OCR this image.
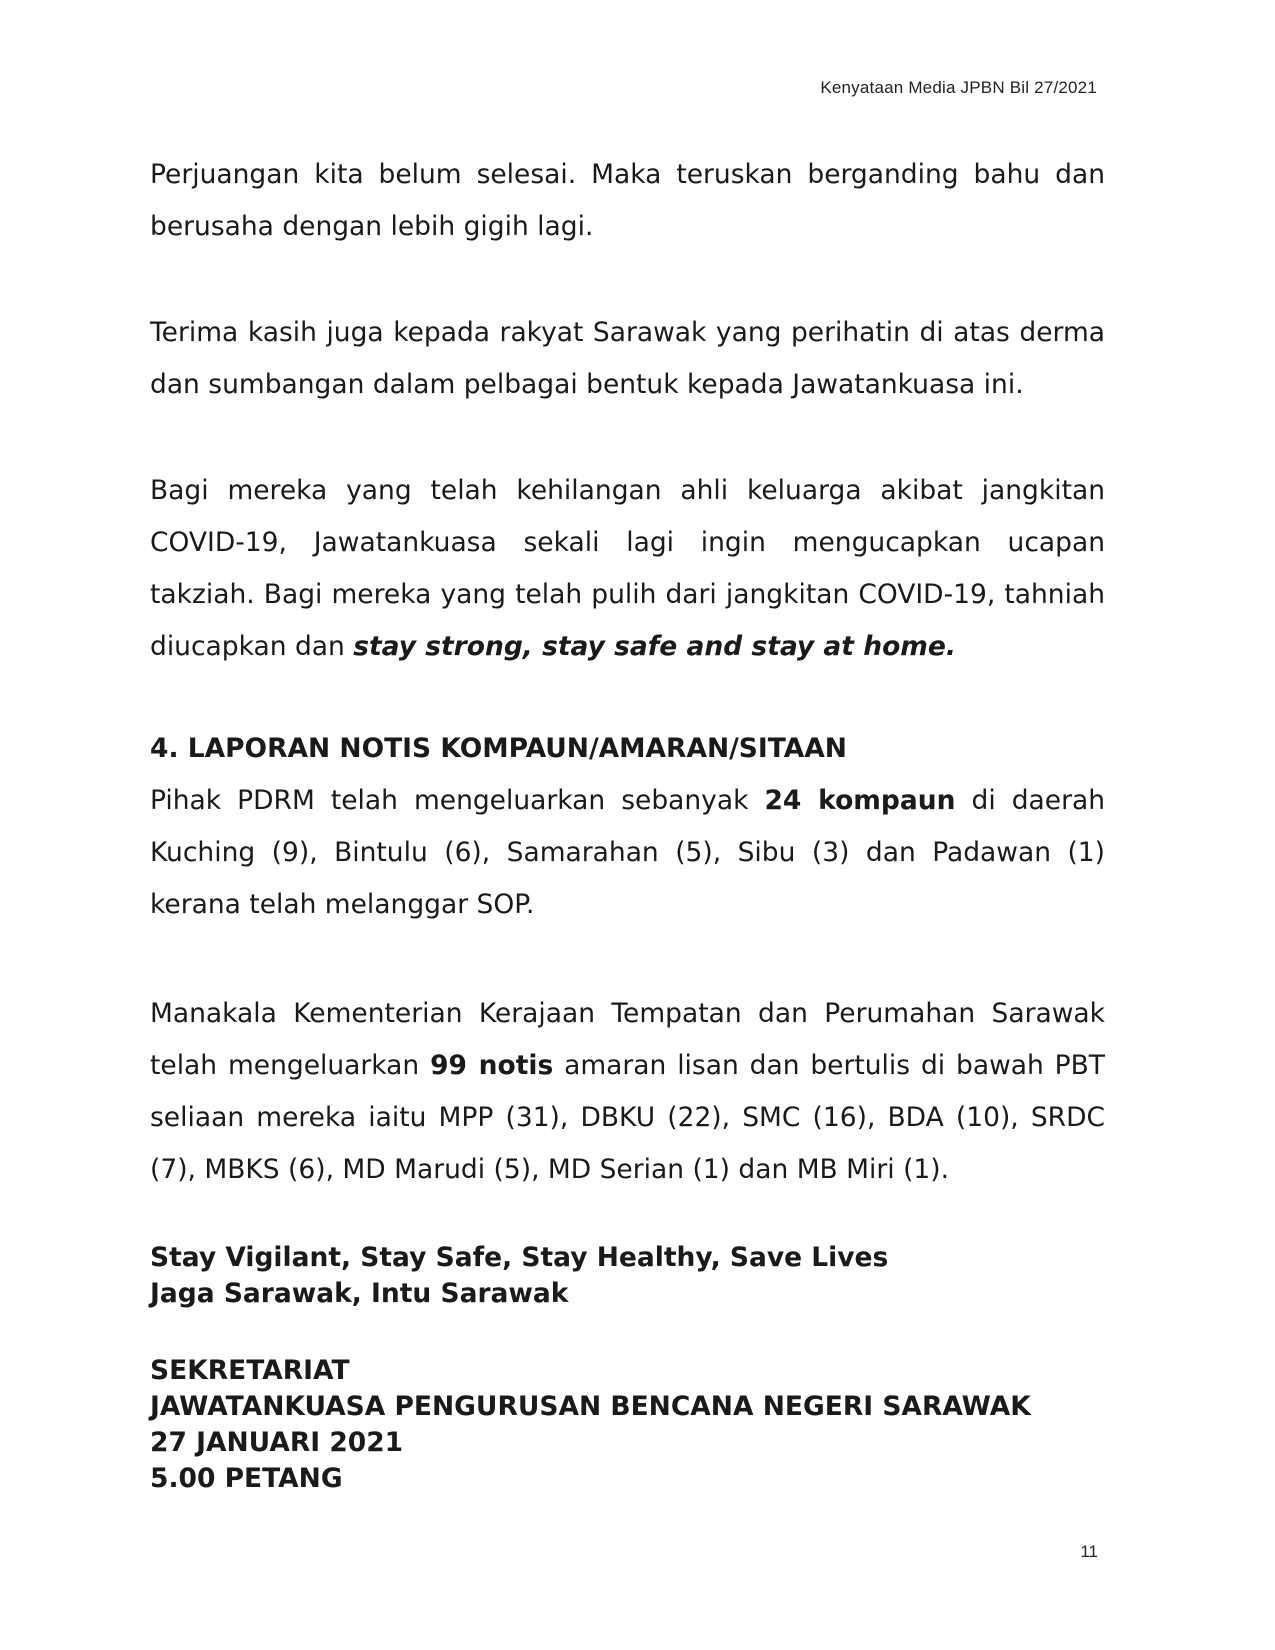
Kenyataan Media JPBN Bil 27/2021

Perjuangan kita belum selesai. Maka teruskan berganding bahu dan berusaha dengan lebih gigih lagi.

Terima kasih juga kepada rakyat Sarawak yang perihatin di atas derma dan sumbangan dalam pelbagai bentuk kepada Jawatankuasa ini.

Bagi mereka yang telah kehilangan ahli keluarga akibat jangkitan COVID-19, Jawatankuasa sekali lagi ingin mengucapkan ucapan takziah. Bagi mereka yang telah pulih dari jangkitan COVID-19, tahniah diucapkan dan stay strong, stay safe and stay at home.

4. LAPORAN NOTIS KOMPAUN/AMARAN/SITAAN

Pihak PDRM telah mengeluarkan sebanyak 24 kompaun di daerah Kuching (9), Bintulu (6), Samarahan (5), Sibu (3) dan Padawan (1) kerana telah melanggar SOP.

Manakala Kementerian Kerajaan Tempatan dan Perumahan Sarawak telah mengeluarkan 99 notis amaran lisan dan bertulis di bawah PBT seliaan mereka iaitu MPP (31), DBKU (22), SMC (16), BDA (10), SRDC (7), MBKS (6), MD Marudi (5), MD Serian (1) dan MB Miri (1).

Stay Vigilant, Stay Safe, Stay Healthy, Save Lives
Jaga Sarawak, Intu Sarawak
SEKRETARIAT
JAWATANKUASA PENGURUSAN BENCANA NEGERI SARAWAK
27 JANUARI 2021
5.00 PETANG
11
